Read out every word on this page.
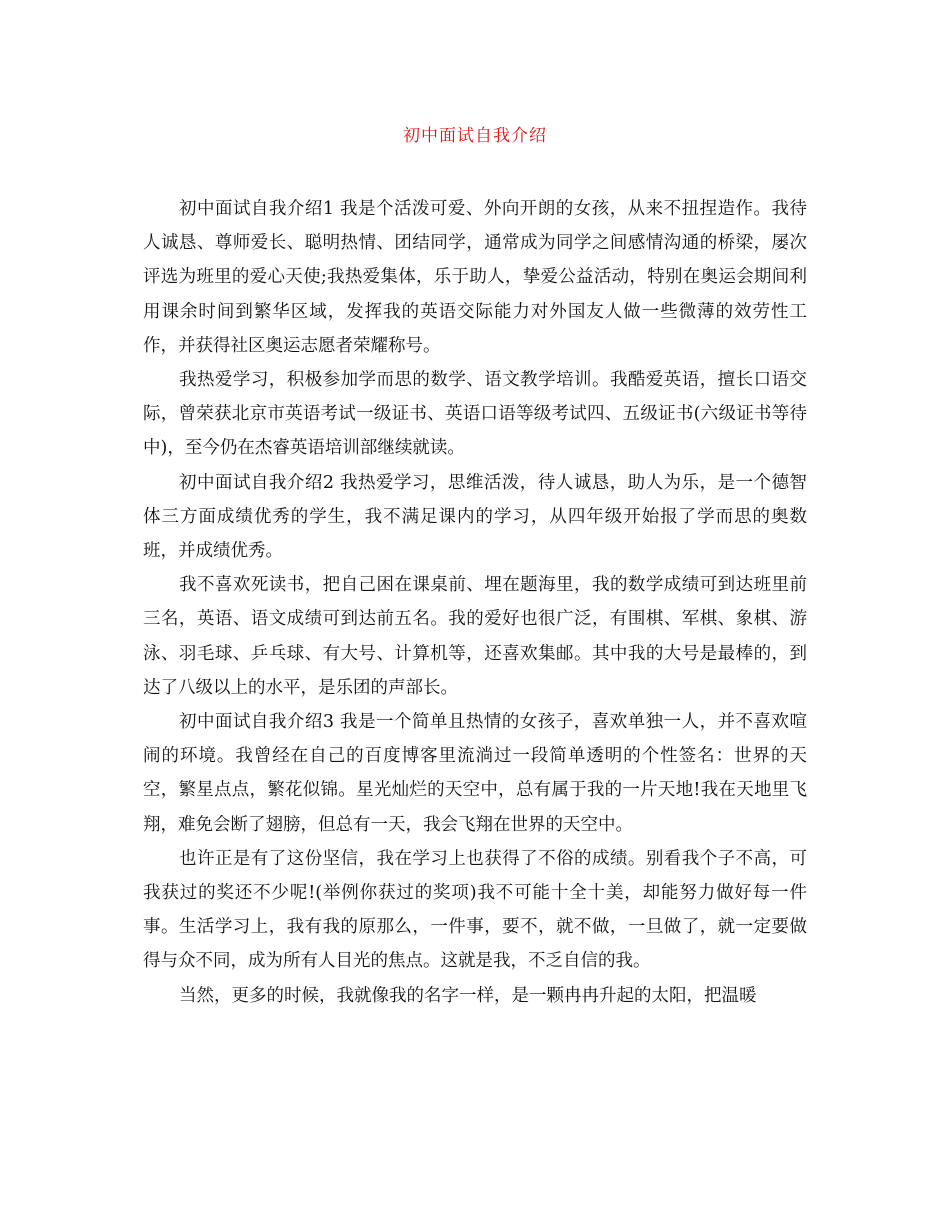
初中面试自我介绍

初中面试自我介绍1 我是个活泼可爱、外向开朗的女孩，从来不扭捏造作。我待人诚恳、尊师爱长、聪明热情、团结同学，通常成为同学之间感情沟通的桥梁，屡次评选为班里的爱心天使;我热爱集体，乐于助人，挚爱公益活动，特别在奥运会期间利用课余时间到繁华区域，发挥我的英语交际能力对外国友人做一些微薄的效劳性工作，并获得社区奥运志愿者荣耀称号。

我热爱学习，积极参加学而思的数学、语文教学培训。我酷爱英语，擅长口语交际，曾荣获北京市英语考试一级证书、英语口语等级考试四、五级证书(六级证书等待中)，至今仍在杰睿英语培训部继续就读。

初中面试自我介绍2 我热爱学习，思维活泼，待人诚恳，助人为乐，是一个德智体三方面成绩优秀的学生，我不满足课内的学习，从四年级开始报了学而思的奥数班，并成绩优秀。

我不喜欢死读书，把自己困在课桌前、埋在题海里，我的数学成绩可到达班里前三名，英语、语文成绩可到达前五名。我的爱好也很广泛，有围棋、军棋、象棋、游泳、羽毛球、乒乓球、有大号、计算机等，还喜欢集邮。其中我的大号是最棒的，到达了八级以上的水平，是乐团的声部长。

初中面试自我介绍3 我是一个简单且热情的女孩子，喜欢单独一人，并不喜欢喧闹的环境。我曾经在自己的百度博客里流淌过一段简单透明的个性签名：世界的天空，繁星点点，繁花似锦。星光灿烂的天空中，总有属于我的一片天地!我在天地里飞翔，难免会断了翅膀，但总有一天，我会飞翔在世界的天空中。

也许正是有了这份坚信，我在学习上也获得了不俗的成绩。别看我个子不高，可我获过的奖还不少呢!(举例你获过的奖项)我不可能十全十美，却能努力做好每一件事。生活学习上，我有我的原那么，一件事，要不，就不做，一旦做了，就一定要做得与众不同，成为所有人目光的焦点。这就是我，不乏自信的我。

当然，更多的时候，我就像我的名字一样，是一颗冉冉升起的太阳，把温暖
